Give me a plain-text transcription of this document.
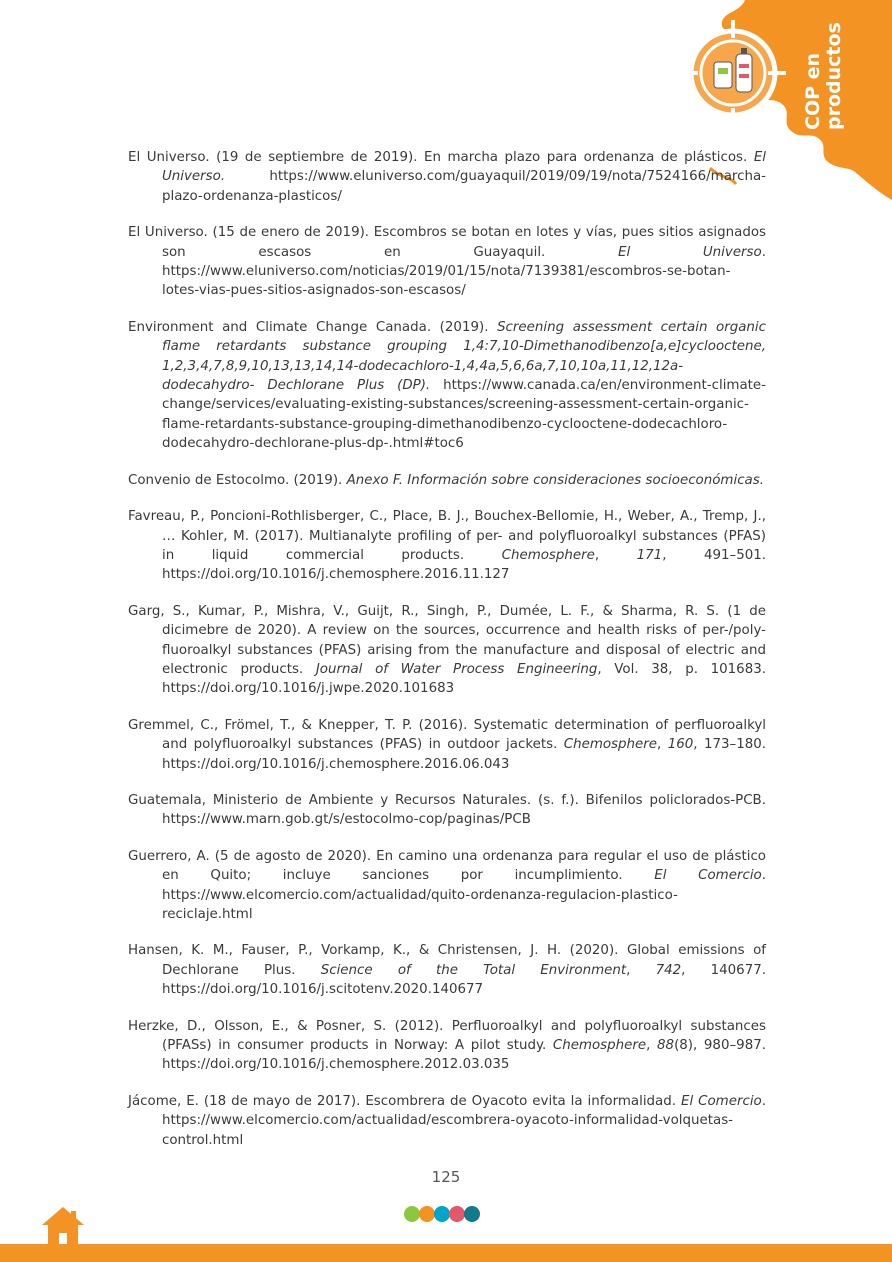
COP en
productos

El Universo. (19 de septiembre de 2019). En marcha plazo para ordenanza de plásticos. El Universo. https://www.eluniverso.com/guayaquil/2019/09/19/nota/7524166/marcha-plazo-ordenanza-plasticos/

El Universo. (15 de enero de 2019). Escombros se botan en lotes y vías, pues sitios asignados son escasos en Guayaquil. El Universo. https://www.eluniverso.com/noticias/2019/01/15/nota/7139381/escombros-se-botan-lotes-vias-pues-sitios-asignados-son-escasos/

Environment and Climate Change Canada. (2019). Screening assessment certain organic flame retardants substance grouping 1,4:7,10-Dimethanodibenzo[a,e]cyclooctene, 1,2,3,4,7,8,9,10,13,13,14,14-dodecachloro-1,4,4a,5,6,6a,7,10,10a,11,12,12a-dodecahydro- Dechlorane Plus (DP). https://www.canada.ca/en/environment-climate-change/services/evaluating-existing-substances/screening-assessment-certain-organic-flame-retardants-substance-grouping-dimethanodibenzo-cyclooctene-dodecachloro-dodecahydro-dechlorane-plus-dp-.html#toc6

Convenio de Estocolmo. (2019). Anexo F. Información sobre consideraciones socioeconómicas.

Favreau, P., Poncioni-Rothlisberger, C., Place, B. J., Bouchex-Bellomie, H., Weber, A., Tremp, J., … Kohler, M. (2017). Multianalyte profiling of per- and polyfluoroalkyl substances (PFAS) in liquid commercial products. Chemosphere, 171, 491–501. https://doi.org/10.1016/j.chemosphere.2016.11.127

Garg, S., Kumar, P., Mishra, V., Guijt, R., Singh, P., Dumée, L. F., & Sharma, R. S. (1 de dicimebre de 2020). A review on the sources, occurrence and health risks of per-/poly-fluoroalkyl substances (PFAS) arising from the manufacture and disposal of electric and electronic products. Journal of Water Process Engineering, Vol. 38, p. 101683. https://doi.org/10.1016/j.jwpe.2020.101683

Gremmel, C., Frömel, T., & Knepper, T. P. (2016). Systematic determination of perfluoroalkyl and polyfluoroalkyl substances (PFAS) in outdoor jackets. Chemosphere, 160, 173–180. https://doi.org/10.1016/j.chemosphere.2016.06.043

Guatemala, Ministerio de Ambiente y Recursos Naturales. (s. f.). Bifenilos policlorados-PCB. https://www.marn.gob.gt/s/estocolmo-cop/paginas/PCB

Guerrero, A. (5 de agosto de 2020). En camino una ordenanza para regular el uso de plástico en Quito; incluye sanciones por incumplimiento. El Comercio. https://www.elcomercio.com/actualidad/quito-ordenanza-regulacion-plastico-reciclaje.html

Hansen, K. M., Fauser, P., Vorkamp, K., & Christensen, J. H. (2020). Global emissions of Dechlorane Plus. Science of the Total Environment, 742, 140677. https://doi.org/10.1016/j.scitotenv.2020.140677

Herzke, D., Olsson, E., & Posner, S. (2012). Perfluoroalkyl and polyfluoroalkyl substances (PFASs) in consumer products in Norway: A pilot study. Chemosphere, 88(8), 980–987. https://doi.org/10.1016/j.chemosphere.2012.03.035

Jácome, E. (18 de mayo de 2017). Escombrera de Oyacoto evita la informalidad. El Comercio. https://www.elcomercio.com/actualidad/escombrera-oyacoto-informalidad-volquetas-control.html

125
